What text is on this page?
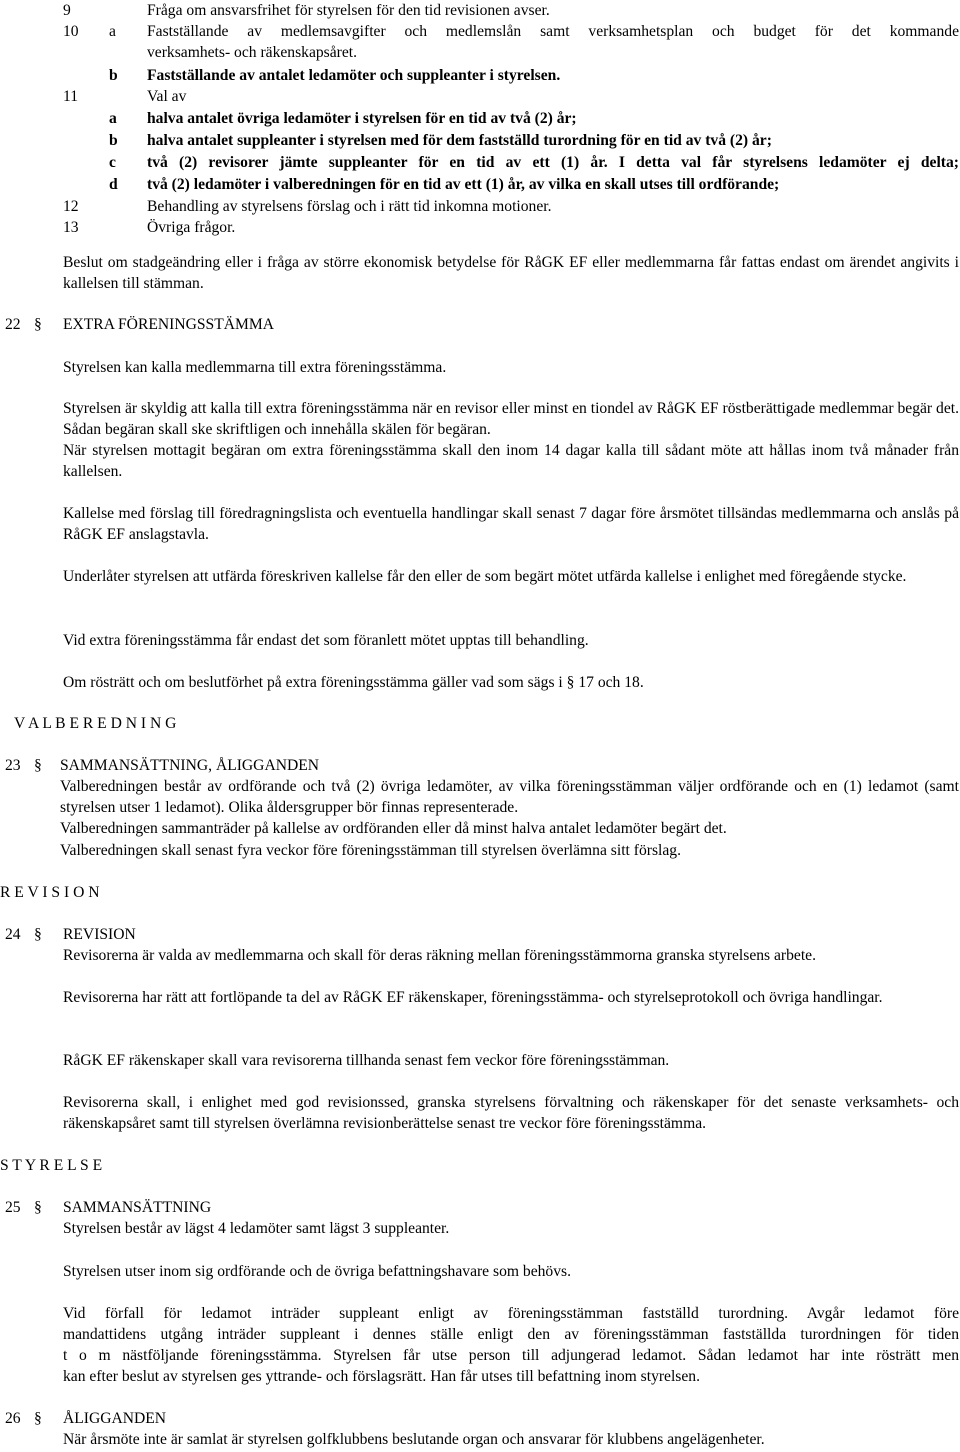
9	Fråga om ansvarsfrihet för styrelsen för den tid revisionen avser.
10 a Fastställande av medlemsavgifter och medlemslån samt verksamhetsplan och budget för det kommande
verksamhets- och räkenskapsåret.
b Fastställande av antalet ledamöter och suppleanter i styrelsen.
11	Val av
a halva antalet övriga ledamöter i styrelsen för en tid av två (2) år;
b halva antalet suppleanter i styrelsen med för dem fastställd turordning för en tid av två (2) år;
c två (2) revisorer jämte suppleanter för en tid av ett (1) år. I detta val får styrelsens ledamöter ej delta;
d två (2) ledamöter i valberedningen för en tid av ett (1) år, av vilka en skall utses till ordförande;
12	Behandling av styrelsens förslag och i rätt tid inkomna motioner.
13	Övriga frågor.
Beslut om stadgeändring eller i fråga av större ekonomisk betydelse för RåGK EF eller medlemmarna får fattas endast om ärendet angivits i kallelsen till stämman.
22 § EXTRA FÖRENINGSSTÄMMA
Styrelsen kan kalla medlemmarna till extra föreningsstämma.
Styrelsen är skyldig att kalla till extra föreningsstämma när en revisor eller minst en tiondel av RåGK EF röstberättigade medlemmar begär det. Sådan begäran skall ske skriftligen och innehålla skälen för begäran.
När styrelsen mottagit begäran om extra föreningsstämma skall den inom 14 dagar kalla till sådant möte att hållas inom två månader från kallelsen.
Kallelse med förslag till föredragningslista och eventuella handlingar skall senast 7 dagar före årsmötet tillsändas medlemmarna och anslås på RåGK EF anslagstavla.
Underlåter styrelsen att utfärda föreskriven kallelse får den eller de som begärt mötet utfärda kallelse i enlighet med föregående stycke.
Vid extra föreningsstämma får endast det som föranlett mötet upptas till behandling.
Om rösträtt och om beslutförhet på extra föreningsstämma gäller vad som sägs i § 17 och 18.
V A L B E R E D N I N G
23 § SAMMANSÄTTNING, ÅLIGGANDEN
Valberedningen består av ordförande och två (2) övriga ledamöter, av vilka föreningsstämman väljer ordförande och en (1) ledamot (samt styrelsen utser 1 ledamot). Olika åldersgrupper bör finnas representerade.
Valberedningen sammanträder på kallelse av ordföranden eller då minst halva antalet ledamöter begärt det.
Valberedningen skall senast fyra veckor före föreningsstämman till styrelsen överlämna sitt förslag.
R E V I S I O N
24 § REVISION
Revisorerna är valda av medlemmarna och skall för deras räkning mellan föreningsstämmorna granska styrelsens arbete.
Revisorerna har rätt att fortlöpande ta del av RåGK EF räkenskaper, föreningsstämma- och styrelseprotokoll och övriga handlingar.
RåGK EF räkenskaper skall vara revisorerna tillhanda senast fem veckor före föreningsstämman.
Revisorerna skall, i enlighet med god revisionssed, granska styrelsens förvaltning och räkenskaper för det senaste verksamhets- och räkenskapsåret samt till styrelsen överlämna revisionberättelse senast tre veckor före föreningsstämma.
S T Y R E L S E
25 § SAMMANSÄTTNING
Styrelsen består av lägst 4 ledamöter samt lägst 3 suppleanter.
Styrelsen utser inom sig ordförande och de övriga befattningshavare som behövs.
Vid förfall för ledamot inträder suppleant enligt av föreningsstämman fastställd turordning. Avgår ledamot före
mandattidens utgång inträder suppleant i dennes ställe enligt den av föreningsstämman fastställda turordningen för tiden
t o m nästföljande föreningsstämma. Styrelsen får utse person till adjungerad ledamot. Sådan ledamot har inte rösträtt men
kan efter beslut av styrelsen ges yttrande- och förslagsrätt. Han får utses till befattning inom styrelsen.
26 § ÅLIGGANDEN
När årsmöte inte är samlat är styrelsen golfklubbens beslutande organ och ansvarar för klubbens angelägenheter.
